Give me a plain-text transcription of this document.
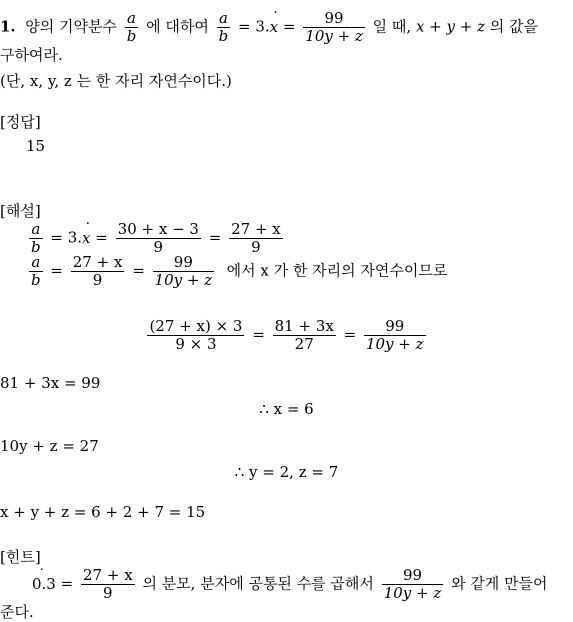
1. 양의 기약분수 $\frac{a}{b}$ 에 대하여 $\frac{a}{b} = 3.x$ ˙ = $\frac{99}{10y + z}$ 일 때, x + y + z 의 값을
구하여라.
(단, x, y, z 는 한 자리 자연수이다.)
[정답]
15
[해설]
$\frac{a}{b} = 3.x$ ˙ = $\frac{30 + x - 3}{9} = \frac{27 + x}{9}$
$\frac{a}{b} = \frac{27 + x}{9} = \frac{99}{10y + z}$ 에서 x 가 한 자리의 자연수이므로
$\frac{(27 + x) \times 3}{9 \times 3} = \frac{81 + 3x}{27} = \frac{99}{10y + z}$
81 + 3x = 99
∴ x = 6
10y + z = 27
∴ y = 2, z = 7
x + y + z = 6 + 2 + 7 = 15
[힌트]
0.3 ˙ = $\frac{27 + x}{9}$ 의 분모, 분자에 공통된 수를 곱해서 $\frac{99}{10y + z}$ 와 같게 만들어
준다.
